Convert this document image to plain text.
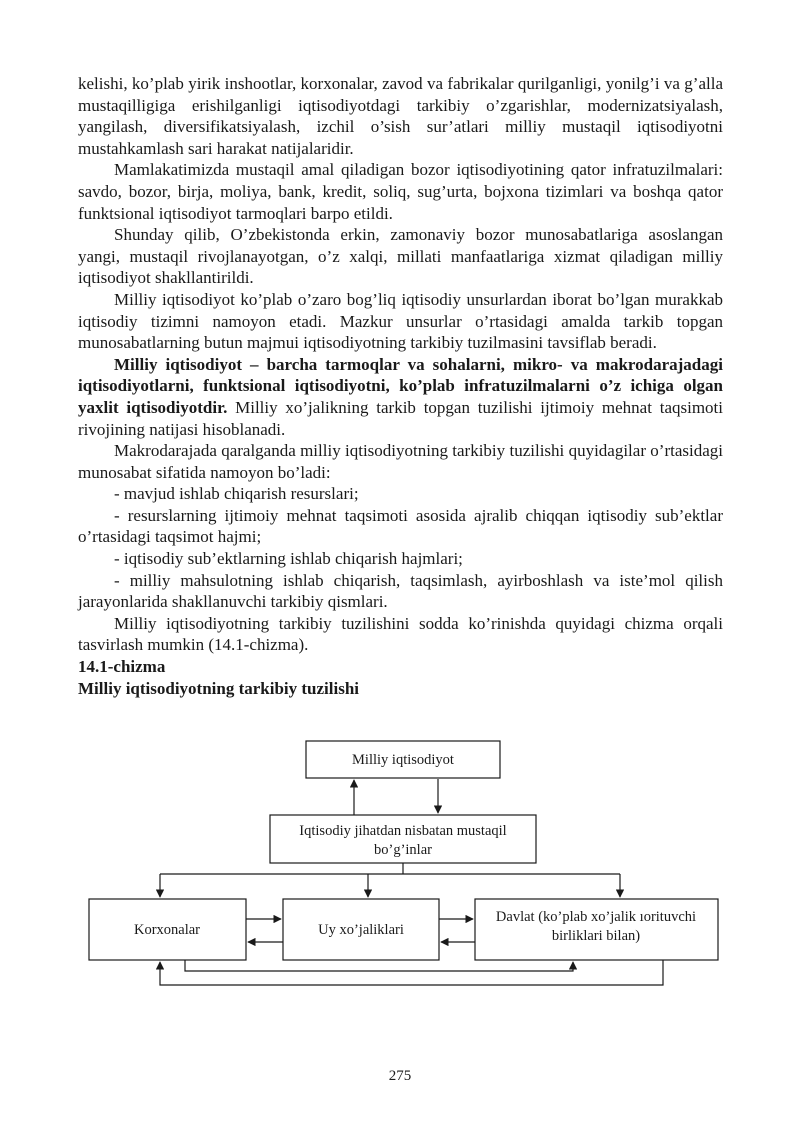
kelishi, ko’plab yirik inshootlar, korxonalar, zavod va fabrikalar qurilganligi, yonilg’i va g’alla mustaqilligiga erishilganligi iqtisodiyotdagi tarkibiy o’zgarishlar, modernizatsiyalash, yangilash, diversifikatsiyalash, izchil o’sish sur’atlari milliy mustaqil iqtisodiyotni mustahkamlash sari harakat natijalaridir.

Mamlakatimizda mustaqil amal qiladigan bozor iqtisodiyotining qator infratuzilmalari: savdo, bozor, birja, moliya, bank, kredit, soliq, sug’urta, bojxona tizimlari va boshqa qator funktsional iqtisodiyot tarmoqlari barpo etildi.

Shunday qilib, O’zbekistonda erkin, zamonaviy bozor munosabatlariga asoslangan yangi, mustaqil rivojlanayotgan, o’z xalqi, millati manfaatlariga xizmat qiladigan milliy iqtisodiyot shakllantirildi.

Milliy iqtisodiyot ko’plab o’zaro bog’liq iqtisodiy unsurlardan iborat bo’lgan murakkab iqtisodiy tizimni namoyon etadi. Mazkur unsurlar o’rtasidagi amalda tarkib topgan munosabatlarning butun majmui iqtisodiyotning tarkibiy tuzilmasini tavsiflab beradi.

Milliy iqtisodiyot – barcha tarmoqlar va sohalarni, mikro- va makrodarajadagi iqtisodiyotlarni, funktsional iqtisodiyotni, ko’plab infratuzilmalarni o’z ichiga olgan yaxlit iqtisodiyotdir. Milliy xo’jalikning tarkib topgan tuzilishi ijtimoiy mehnat taqsimoti rivojining natijasi hisoblanadi.

Makrodarajada qaralganda milliy iqtisodiyotning tarkibiy tuzilishi quyidagilar o’rtasidagi munosabat sifatida namoyon bo’ladi:

- mavjud ishlab chiqarish resurslari;

- resurslarning ijtimoiy mehnat taqsimoti asosida ajralib chiqqan iqtisodiy sub’ektlar o’rtasidagi taqsimot hajmi;

- iqtisodiy sub’ektlarning ishlab chiqarish hajmlari;

- milliy mahsulotning ishlab chiqarish, taqsimlash, ayirboshlash va iste’mol qilish jarayonlarida shakllanuvchi tarkibiy qismlari.

Milliy iqtisodiyotning tarkibiy tuzilishini sodda ko’rinishda quyidagi chizma orqali tasvirlash mumkin (14.1-chizma).

14.1-chizma

Milliy iqtisodiyotning tarkibiy tuzilishi

Milliy iqtisodiyot
Iqtisodiy jihatdan nisbatan mustaqil
bo’g’inlar
Korxonalar	Uy xo’jaliklari
Davlat (ko’plab xo’jalik ıorituvchi
birliklari bilan)
275
